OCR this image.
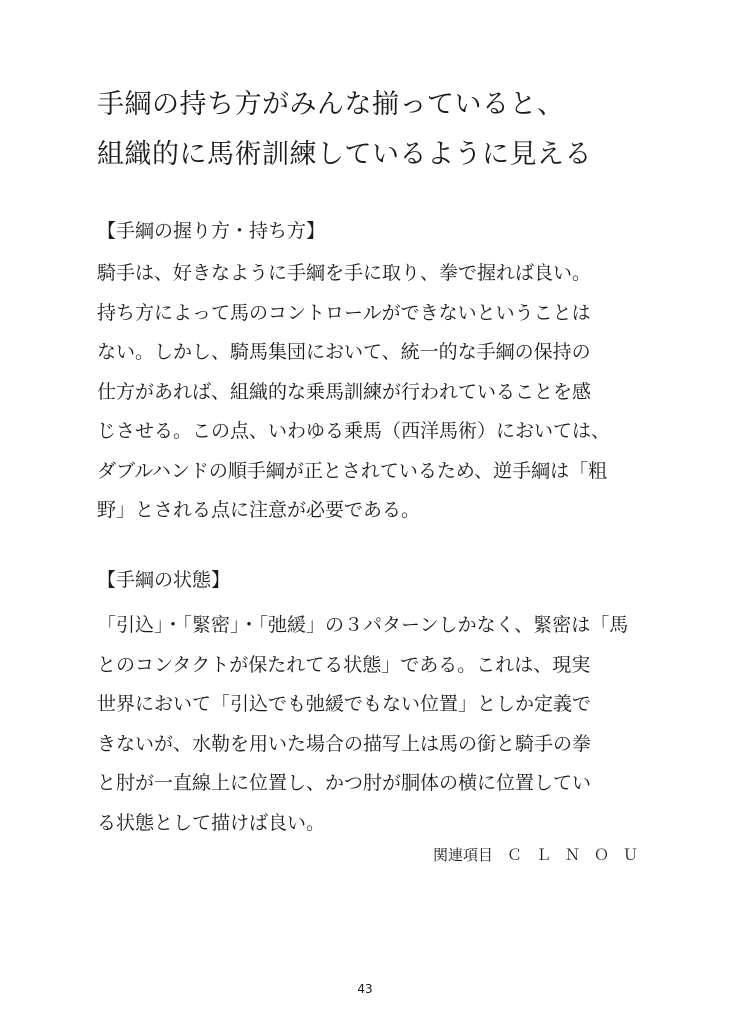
手綱の持ち方がみんな揃っていると、
組織的に馬術訓練しているように見える
【手綱の握り方・持ち方】

騎手は、好きなように手綱を手に取り、拳で握れば良い。
持ち方によって馬のコントロールができないということは
ない。しかし、騎馬集団において、統一的な手綱の保持の
仕方があれば、組織的な乗馬訓練が行われていることを感
じさせる。この点、いわゆる乗馬（西洋馬術）においては、
ダブルハンドの順手綱が正とされているため、逆手綱は「粗
野」とされる点に注意が必要である。

【手綱の状態】

「引込」・「緊密」・「弛緩」の３パターンしかなく、緊密は「馬
とのコンタクトが保たれてる状態」である。これは、現実
世界において「引込でも弛緩でもない位置」としか定義で
きないが、水勒を用いた場合の描写上は馬の銜と騎手の拳
と肘が一直線上に位置し、かつ肘が胴体の横に位置してい
る状態として描けば良い。

関連項目 ＣＬＮＯＵ
43
